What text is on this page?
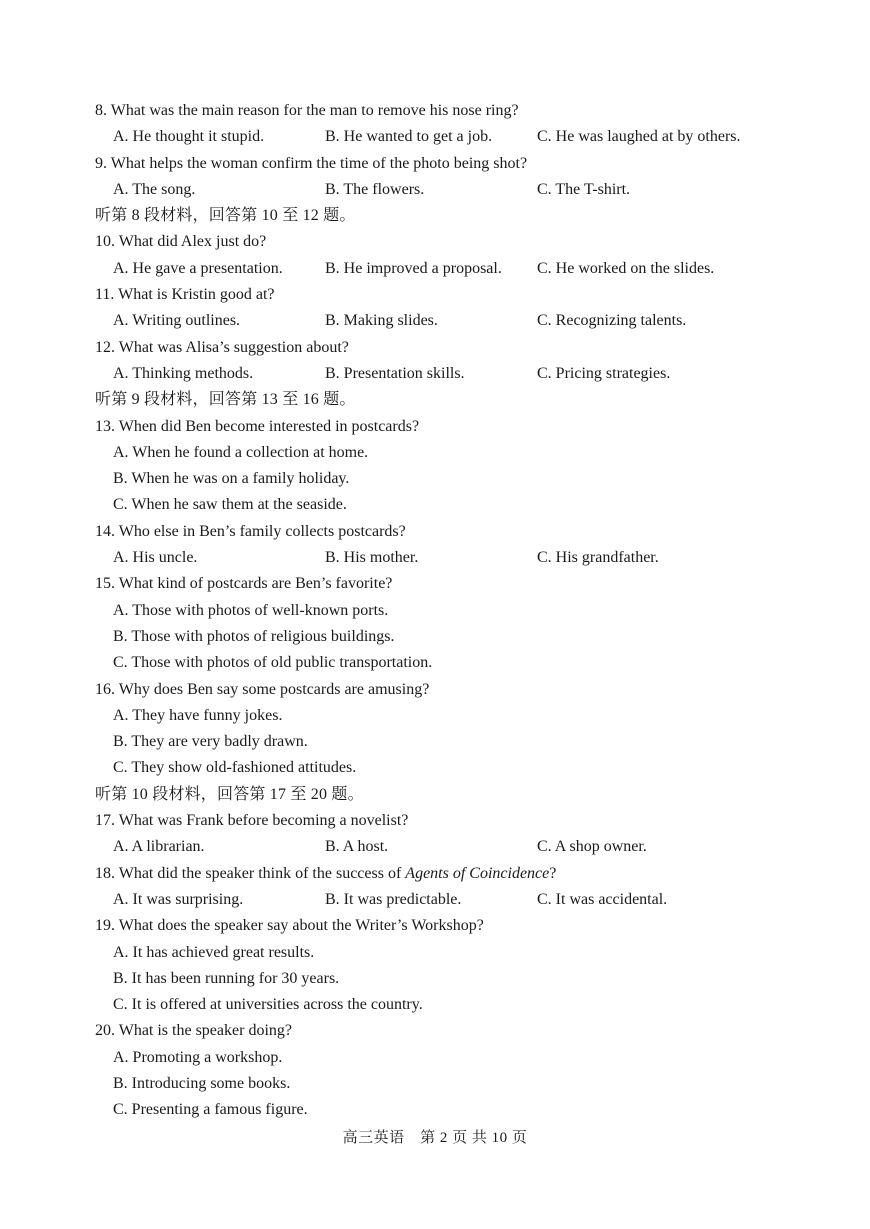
8. What was the main reason for the man to remove his nose ring?
A. He thought it stupid.	B. He wanted to get a job.	C. He was laughed at by others.
9. What helps the woman confirm the time of the photo being shot?
A. The song.	B. The flowers.	C. The T-shirt.
听第 8 段材料，回答第 10 至 12 题。
10. What did Alex just do?
A. He gave a presentation.	B. He improved a proposal.	C. He worked on the slides.
11. What is Kristin good at?
A. Writing outlines.	B. Making slides.	C. Recognizing talents.
12. What was Alisa’s suggestion about?
A. Thinking methods.	B. Presentation skills.	C. Pricing strategies.
听第 9 段材料，回答第 13 至 16 题。
13. When did Ben become interested in postcards?
A. When he found a collection at home.
B. When he was on a family holiday.
C. When he saw them at the seaside.
14. Who else in Ben’s family collects postcards?
A. His uncle.	B. His mother.	C. His grandfather.
15. What kind of postcards are Ben’s favorite?
A. Those with photos of well-known ports.
B. Those with photos of religious buildings.
C. Those with photos of old public transportation.
16. Why does Ben say some postcards are amusing?
A. They have funny jokes.
B. They are very badly drawn.
C. They show old-fashioned attitudes.
听第 10 段材料，回答第 17 至 20 题。
17. What was Frank before becoming a novelist?
A. A librarian.	B. A host.	C. A shop owner.
18. What did the speaker think of the success of Agents of Coincidence?
A. It was surprising.	B. It was predictable.	C. It was accidental.
19. What does the speaker say about the Writer’s Workshop?
A. It has achieved great results.
B. It has been running for 30 years.
C. It is offered at universities across the country.
20. What is the speaker doing?
A. Promoting a workshop.
B. Introducing some books.
C. Presenting a famous figure.
高三英语　第 2 页 共 10 页
